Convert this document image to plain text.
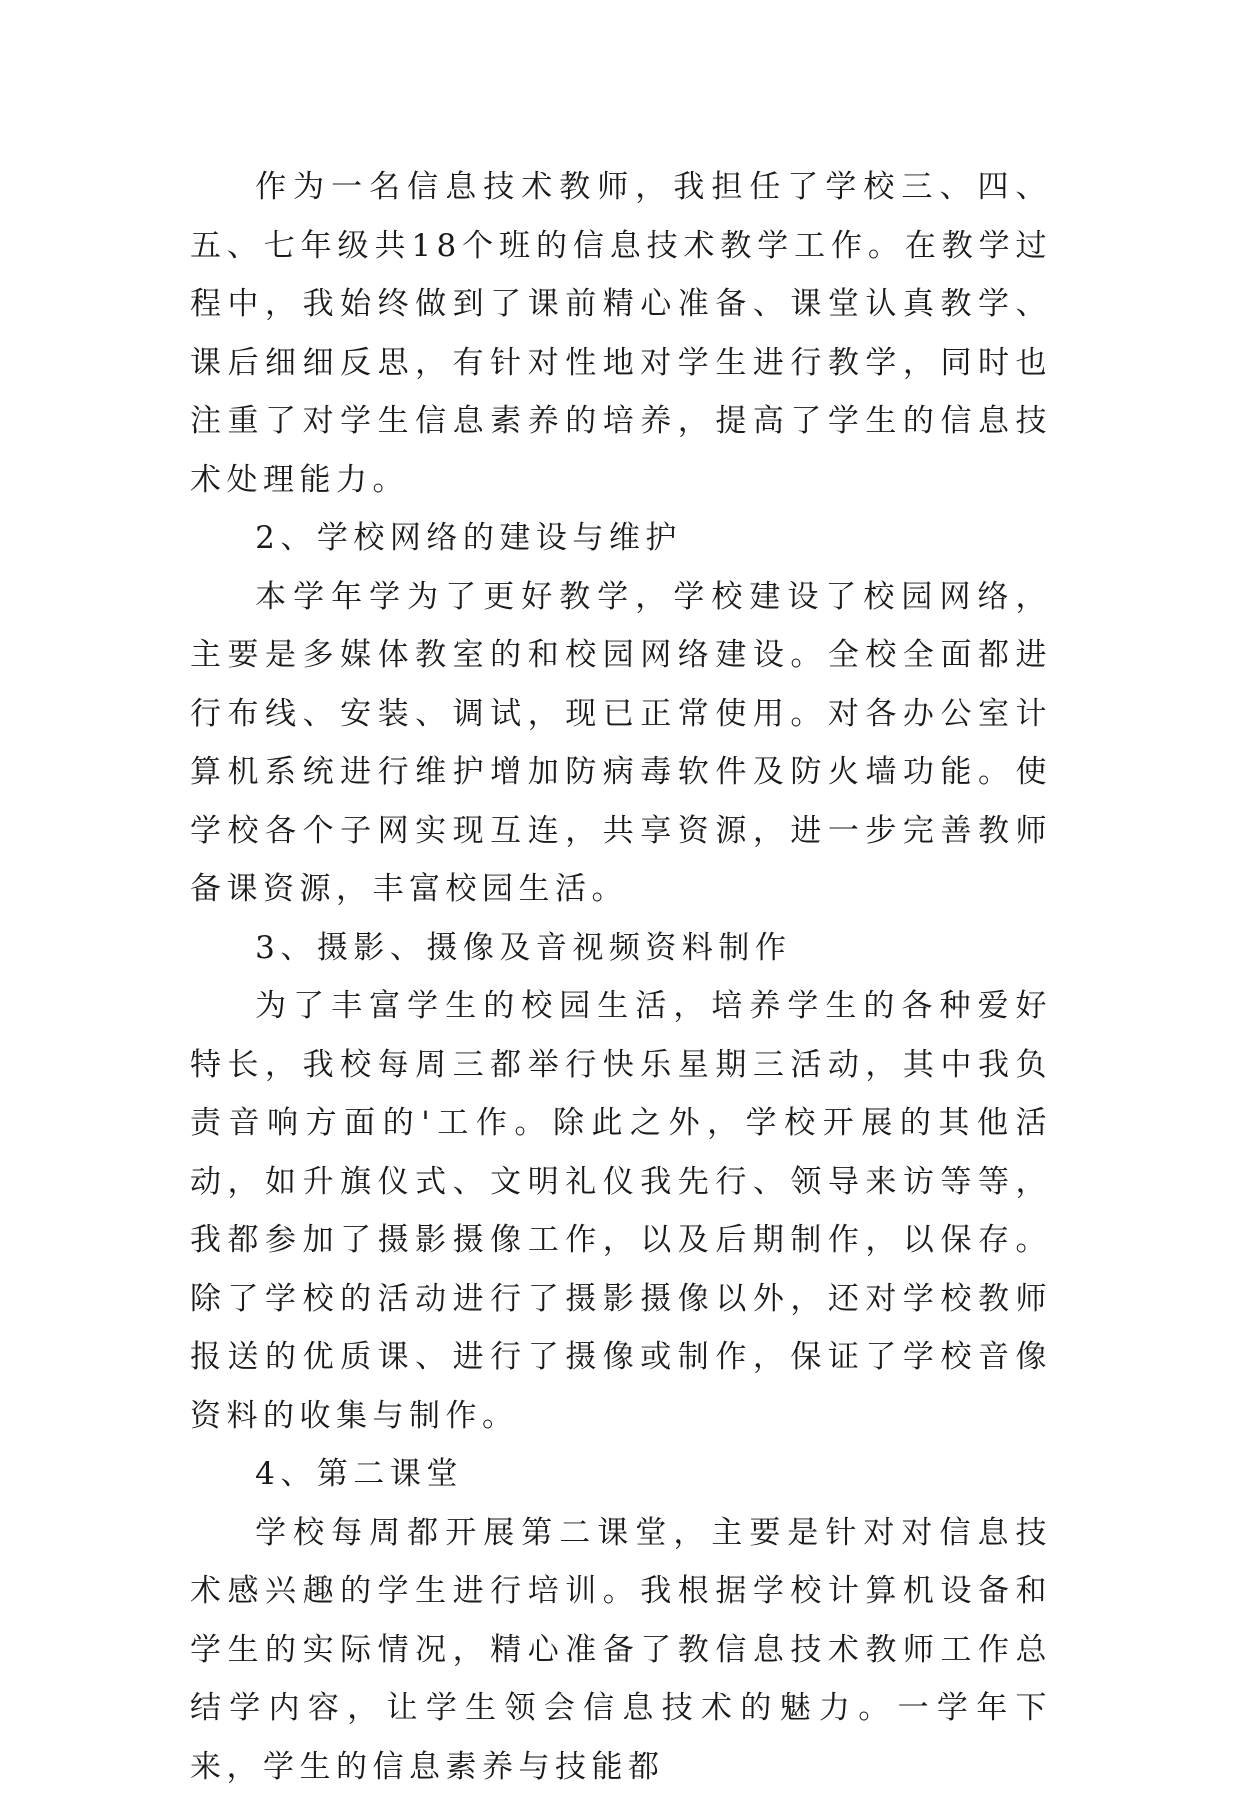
作为一名信息技术教师，我担任了学校三、四、五、七年级共18个班的信息技术教学工作。在教学过程中，我始终做到了课前精心准备、课堂认真教学、课后细细反思，有针对性地对学生进行教学，同时也注重了对学生信息素养的培养，提高了学生的信息技术处理能力。

2、学校网络的建设与维护

本学年学为了更好教学，学校建设了校园网络，主要是多媒体教室的和校园网络建设。全校全面都进行布线、安装、调试，现已正常使用。对各办公室计算机系统进行维护增加防病毒软件及防火墙功能。使学校各个子网实现互连，共享资源，进一步完善教师备课资源，丰富校园生活。

3、摄影、摄像及音视频资料制作

为了丰富学生的校园生活，培养学生的各种爱好特长，我校每周三都举行快乐星期三活动，其中我负责音响方面的'工作。除此之外，学校开展的其他活动，如升旗仪式、文明礼仪我先行、领导来访等等，我都参加了摄影摄像工作，以及后期制作，以保存。除了学校的活动进行了摄影摄像以外，还对学校教师报送的优质课、进行了摄像或制作，保证了学校音像资料的收集与制作。

4、第二课堂

学校每周都开展第二课堂，主要是针对对信息技术感兴趣的学生进行培训。我根据学校计算机设备和学生的实际情况，精心准备了教信息技术教师工作总结学内容，让学生领会信息技术的魅力。一学年下来，学生的信息素养与技能都
